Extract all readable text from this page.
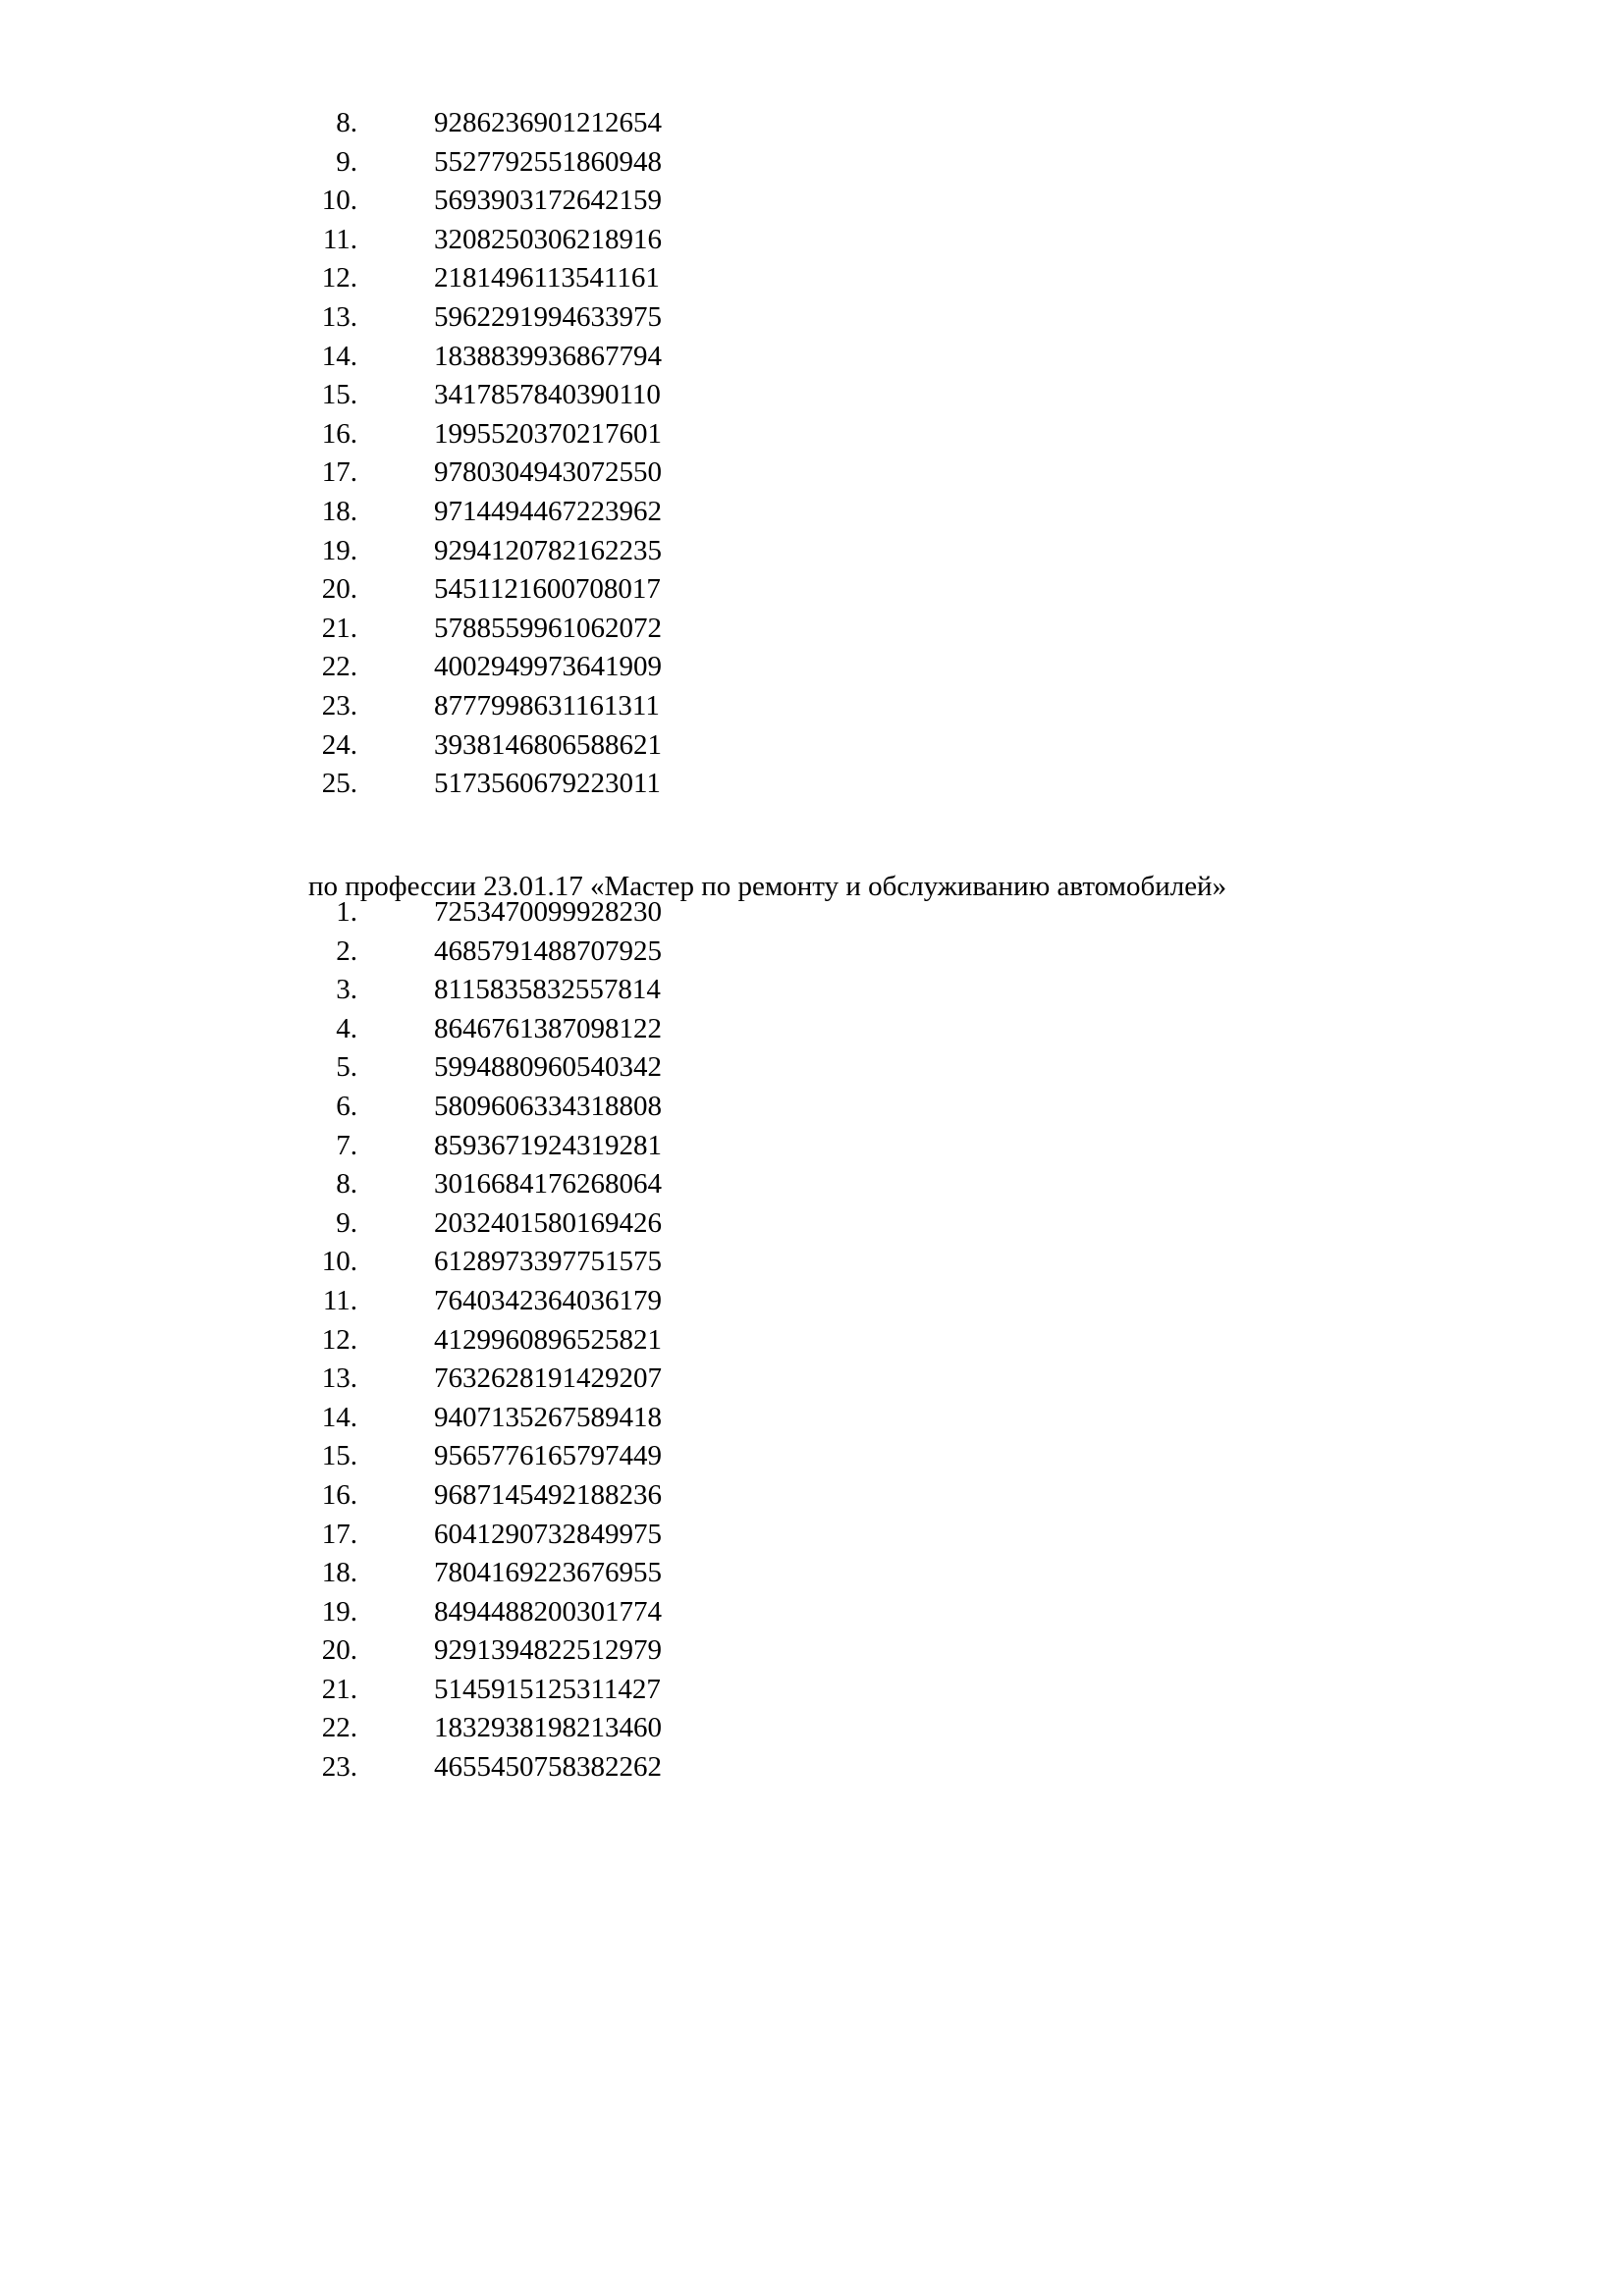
8.	9286236901212654
9.	5527792551860948
10.	5693903172642159
11.	3208250306218916
12.	2181496113541161
13.	5962291994633975
14.	1838839936867794
15.	3417857840390110
16.	1995520370217601
17.	9780304943072550
18.	9714494467223962
19.	9294120782162235
20.	5451121600708017
21.	5788559961062072
22.	4002949973641909
23.	8777998631161311
24.	3938146806588621
25.	5173560679223011
по профессии 23.01.17 «Мастер по ремонту и обслуживанию автомобилей»
1.	7253470099928230
2.	4685791488707925
3.	8115835832557814
4.	8646761387098122
5.	5994880960540342
6.	5809606334318808
7.	8593671924319281
8.	3016684176268064
9.	2032401580169426
10.	6128973397751575
11.	7640342364036179
12.	4129960896525821
13.	7632628191429207
14.	9407135267589418
15.	9565776165797449
16.	9687145492188236
17.	6041290732849975
18.	7804169223676955
19.	8494488200301774
20.	9291394822512979
21.	5145915125311427
22.	1832938198213460
23.	4655450758382262
